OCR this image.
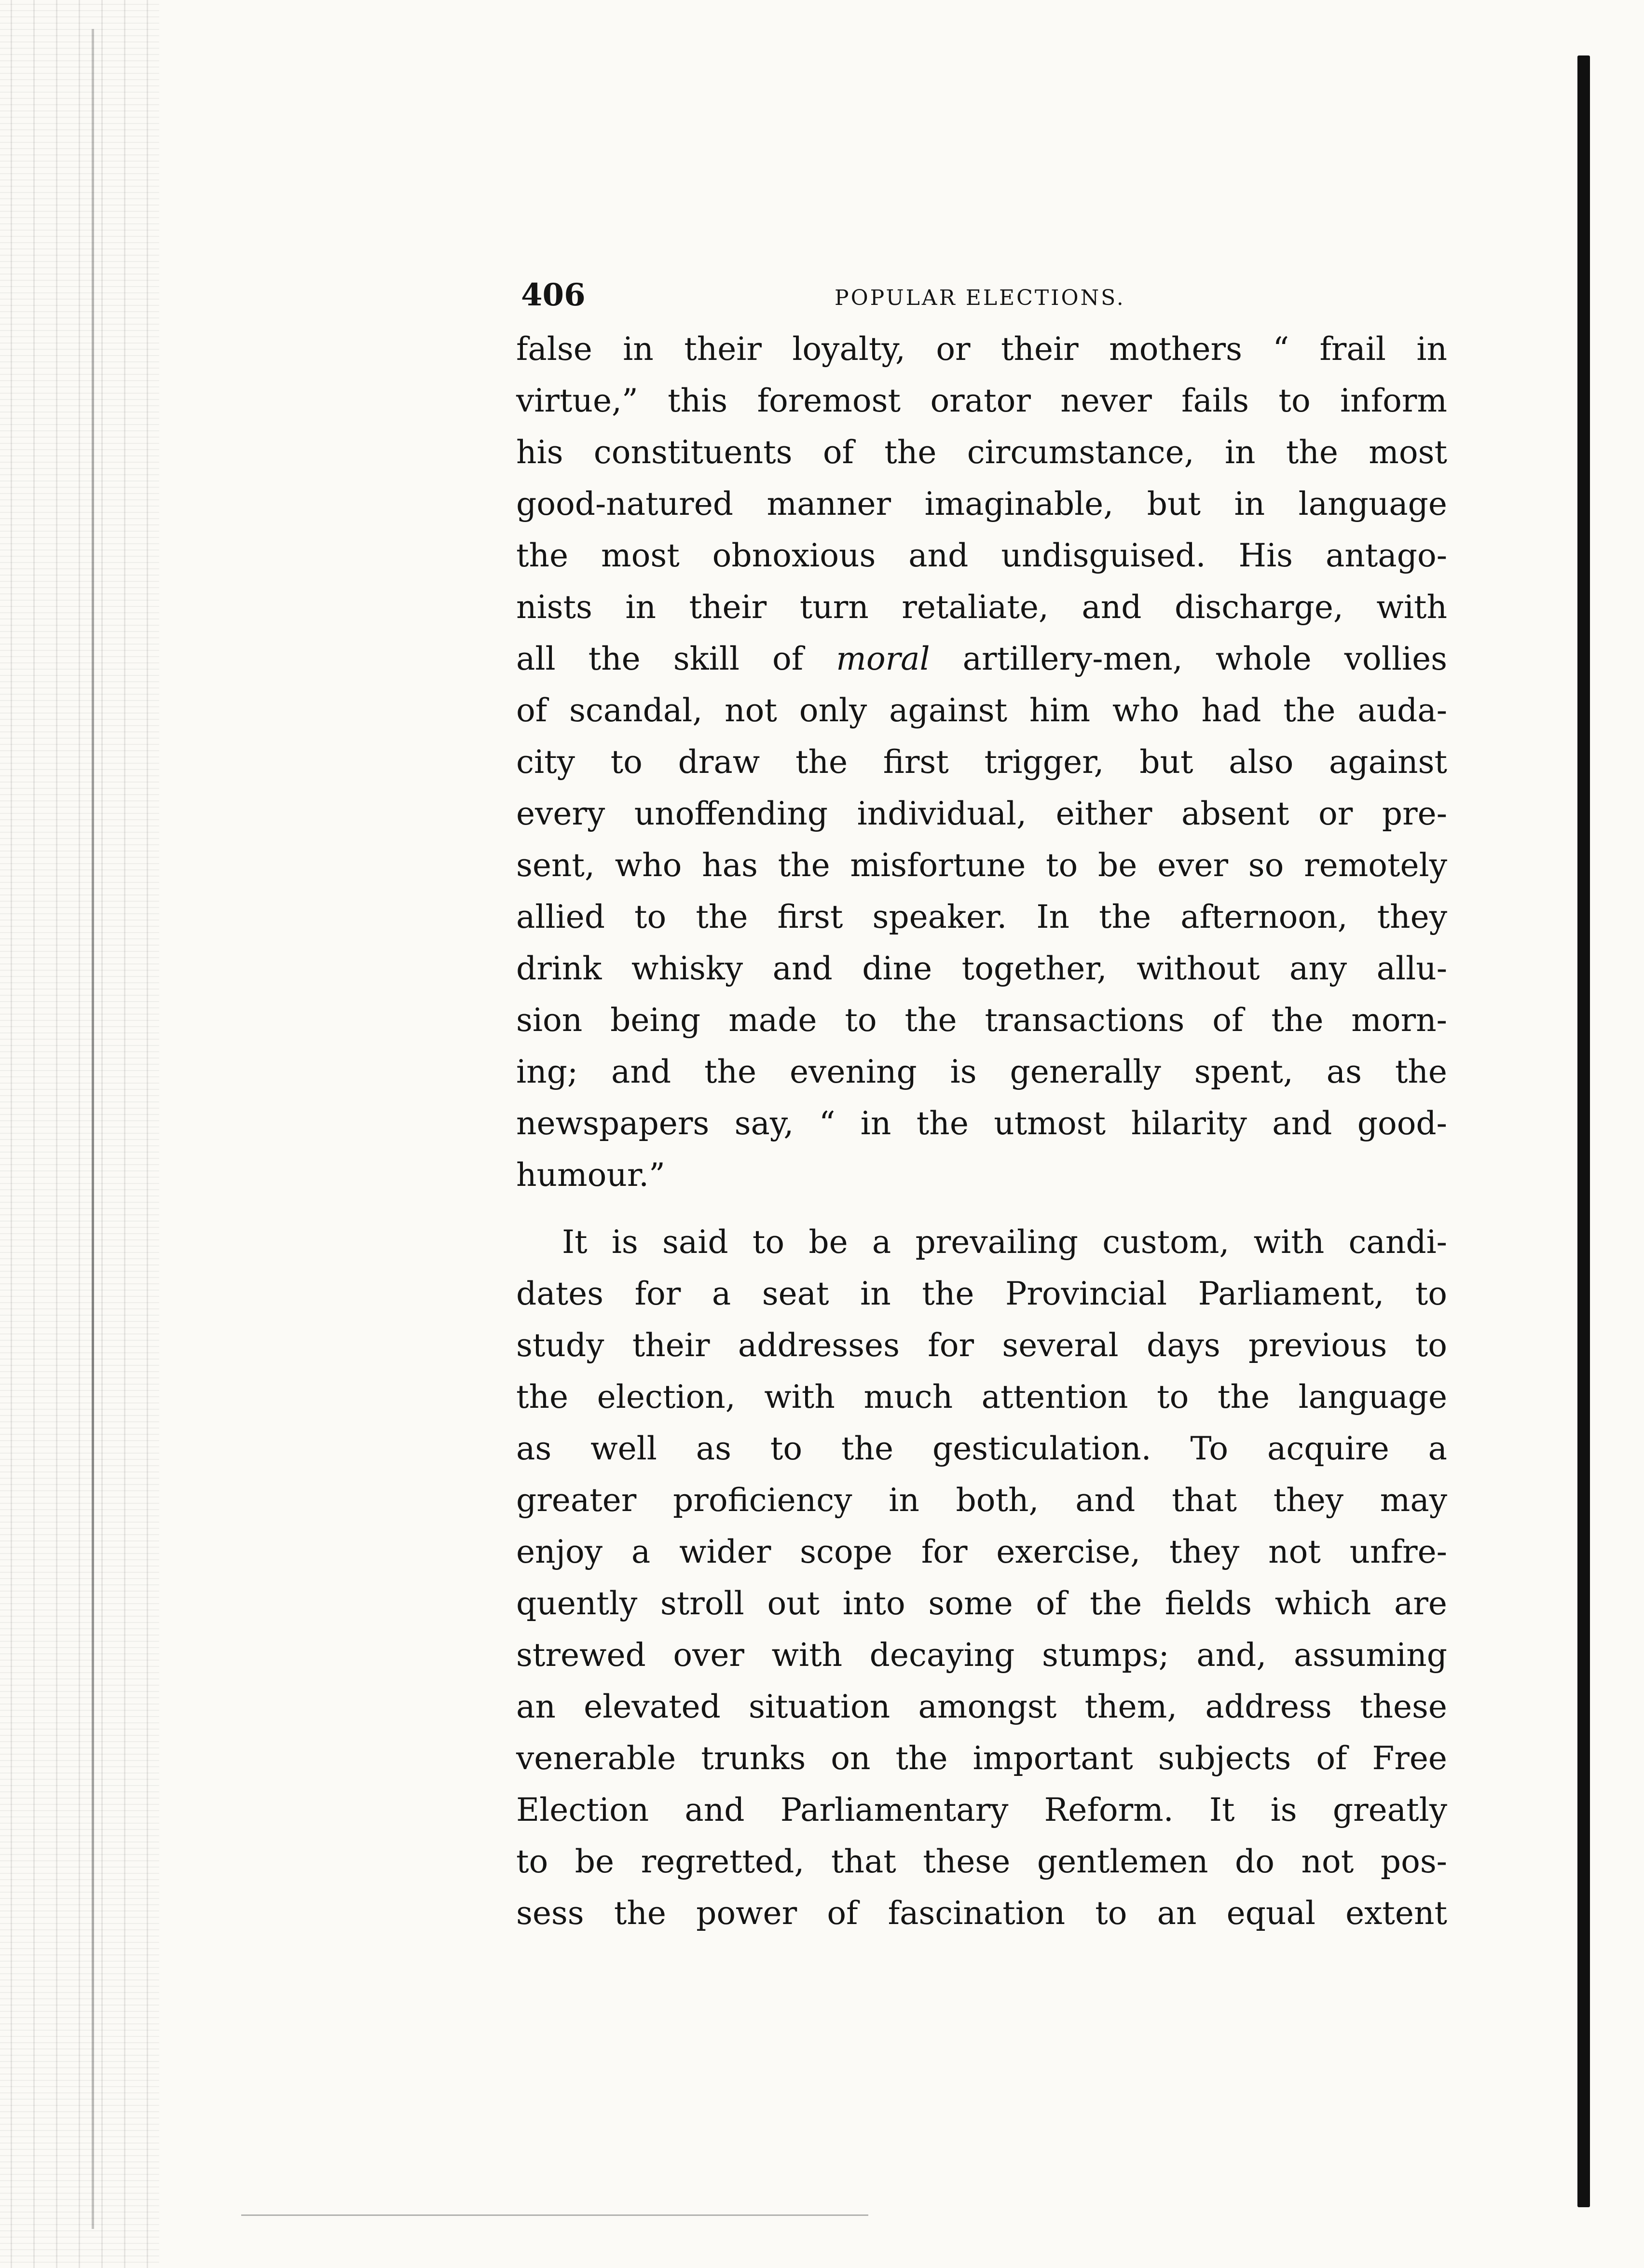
406	POPULAR ELECTIONS.
false in their loyalty, or their mothers “ frail in
virtue,” this foremost orator never fails to inform
his constituents of the circumstance, in the most
good-natured manner imaginable, but in language
the most obnoxious and undisguised. His antago-
nists in their turn retaliate, and discharge, with
all the skill of moral artillery-men, whole vollies
of scandal, not only against him who had the auda-
city to draw the first trigger, but also against
every unoffending individual, either absent or pre-
sent, who has the misfortune to be ever so remotely
allied to the first speaker. In the afternoon, they
drink whisky and dine together, without any allu-
sion being made to the transactions of the morn-
ing; and the evening is generally spent, as the
newspapers say, “ in the utmost hilarity and good-
humour.”
It is said to be a prevailing custom, with candi-
dates for a seat in the Provincial Parliament, to
study their addresses for several days previous to
the election, with much attention to the language
as well as to the gesticulation. To acquire a
greater proficiency in both, and that they may
enjoy a wider scope for exercise, they not unfre-
quently stroll out into some of the fields which are
strewed over with decaying stumps; and, assuming
an elevated situation amongst them, address these
venerable trunks on the important subjects of Free
Election and Parliamentary Reform. It is greatly
to be regretted, that these gentlemen do not pos-
sess the power of fascination to an equal extent
